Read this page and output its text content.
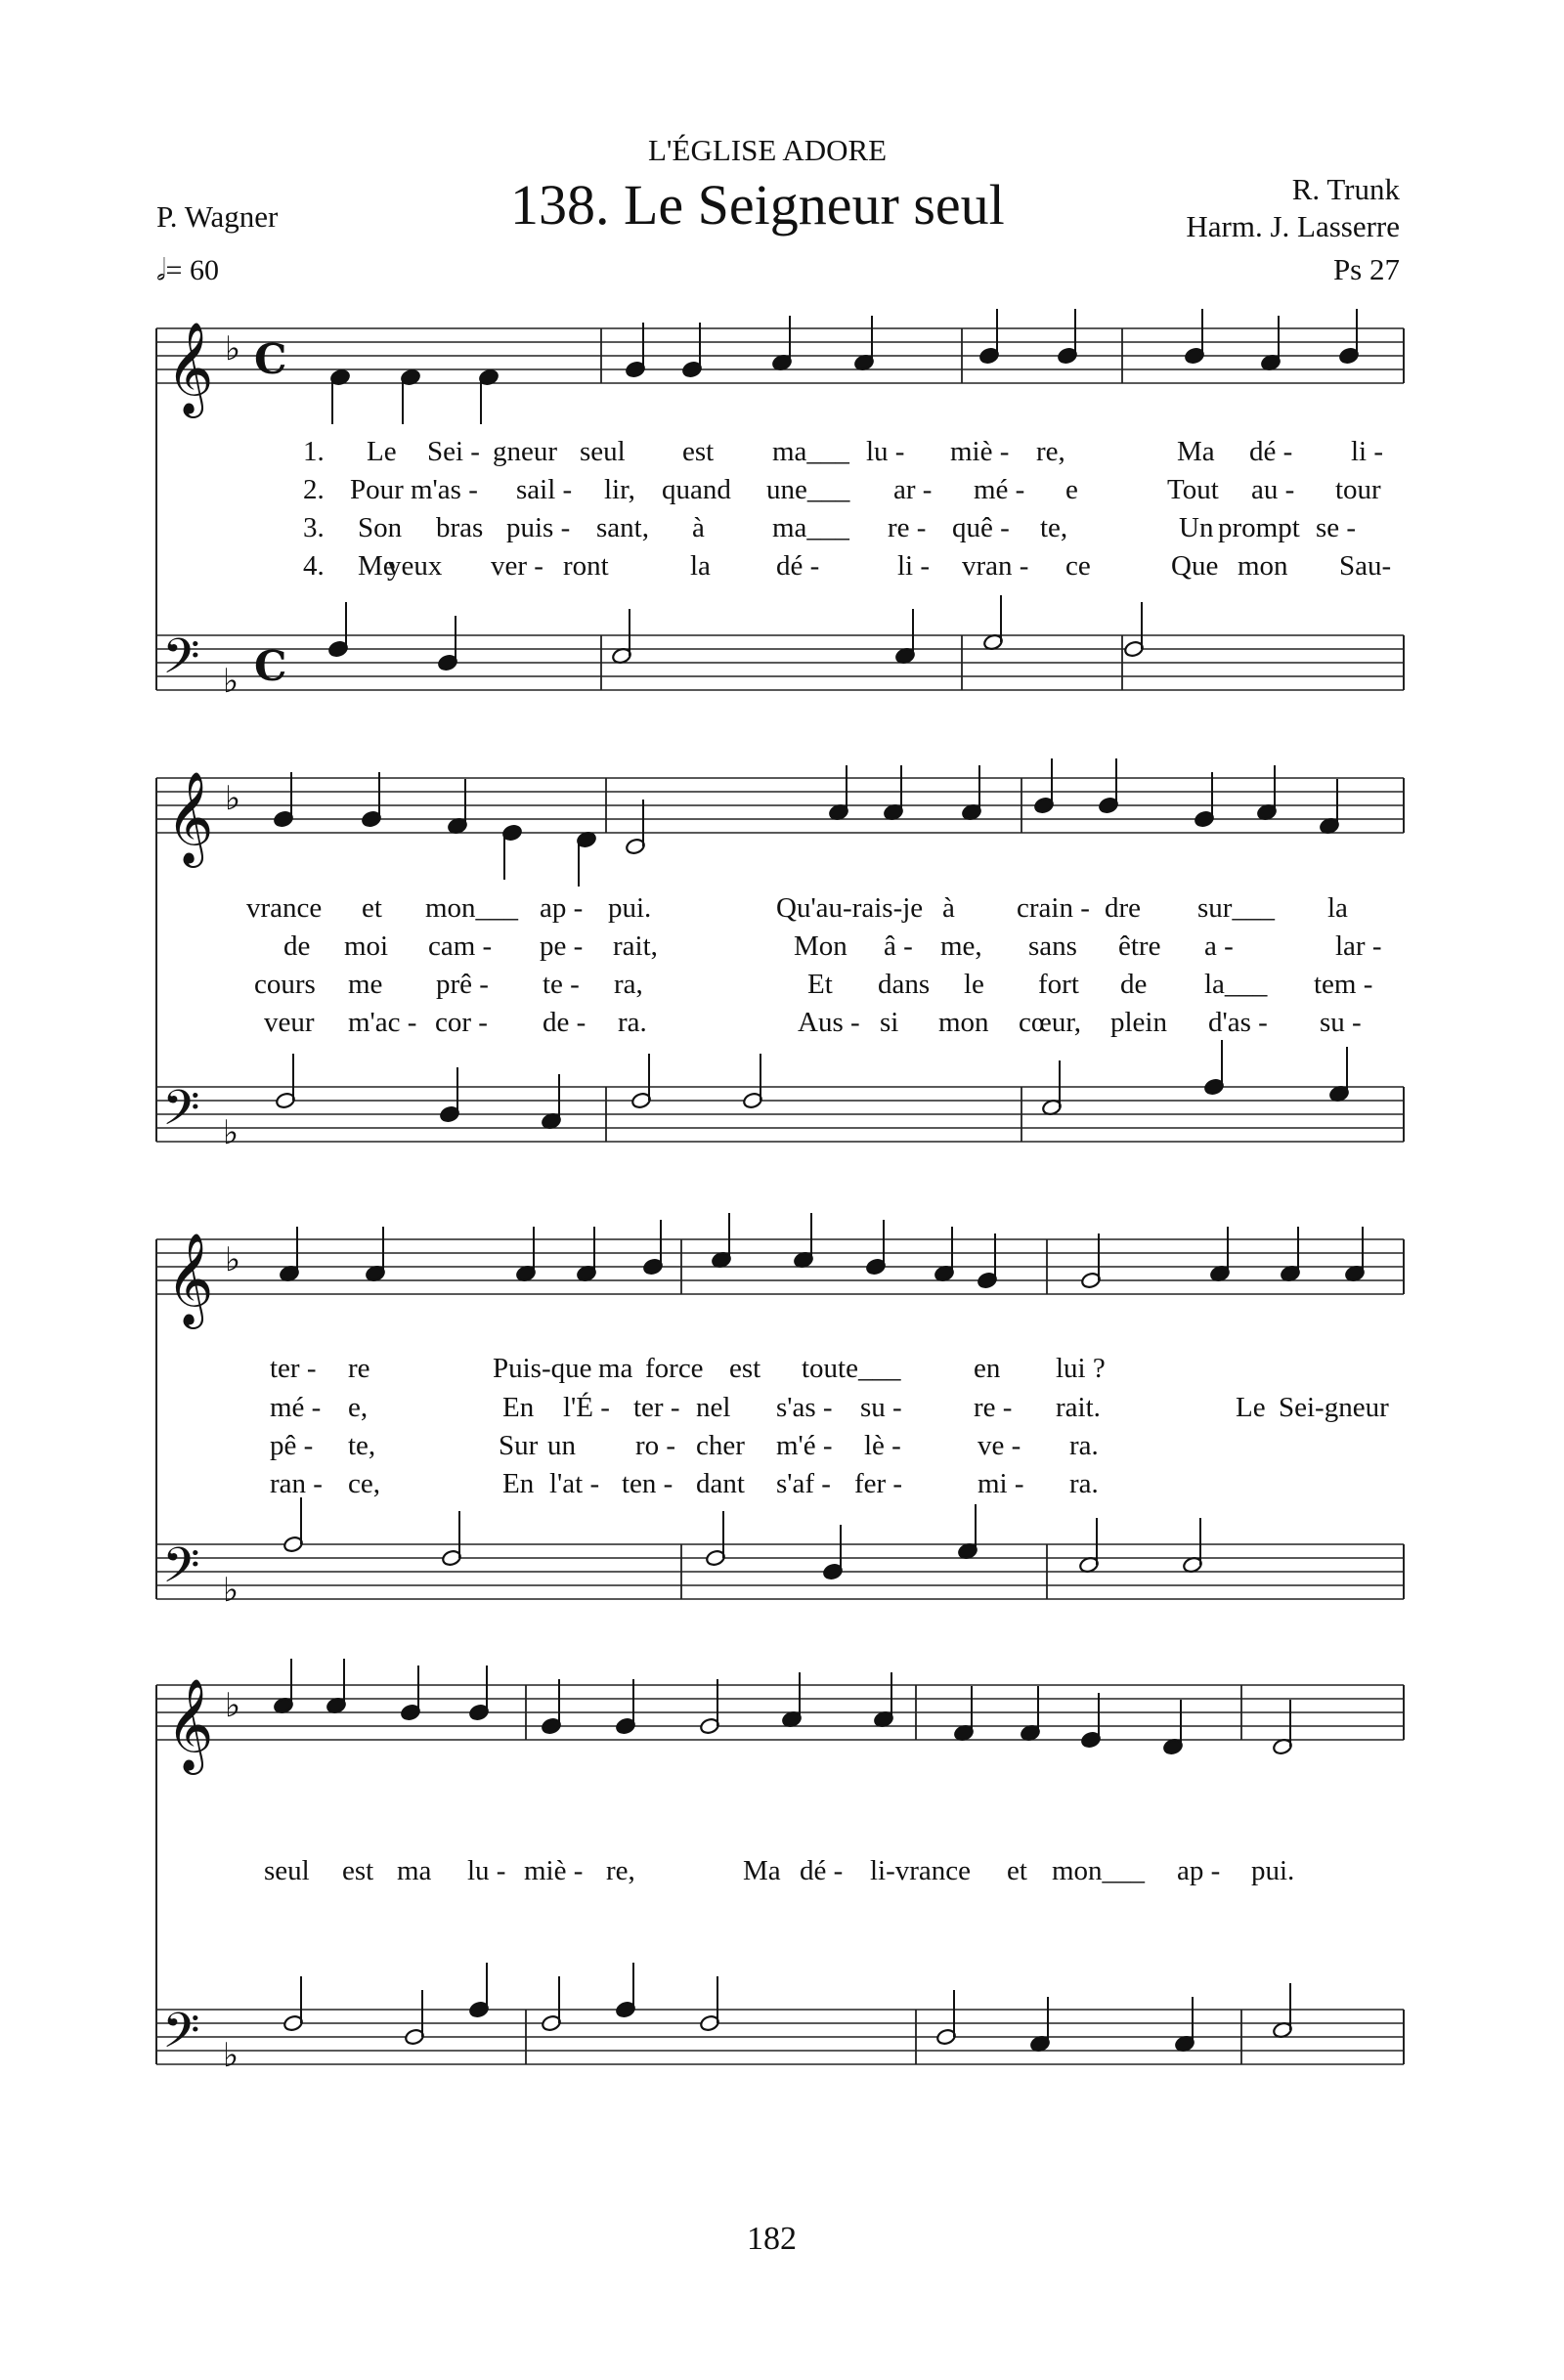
L'ÉGLISE ADORE
138. Le Seigneur seul
P. Wagner
R. Trunk
Harm. J. Lasserre
Ps 27
𝅗𝅥= 60
𝄞 ♭
𝄢 ♭
C
C
𝄞 ♭
𝄢 ♭
𝄞 ♭
𝄢 ♭
𝄞 ♭
𝄢 ♭
1. Le Sei - gneur seul est ma___ lu - miè - re,	Ma dé - li -
2. Pour m'as - sail - lir, quand une___ ar - mé - e	Tout au - tour
3. Son bras puis - sant, à ma___ re - quê - te,	Un prompt se -
4. Me
yeux ver - ront	la dé -	li - vran - ce	Que mon Sau-
vrance et mon___ ap - pui.	Qu'au-rais-je à crain - dre sur___ la
de moi cam - pe - rait,	Mon â - me, sans être a -	lar -
cours me prê - te - ra,	Et dans le fort de la___ tem -
veur m'ac - cor - de - ra.	Aus - si mon cœur, plein d'as - su -
ter - re	Puis-que ma force est toute___	en lui ?
mé - e,	En l'É - ter - nel s'as - su -	re - rait.	Le Sei-gneur
pê - te,	Sur un ro - cher m'é - lè -	ve - ra.
ran - ce,	En l'at - ten - dant s'af - fer -	mi - ra.
seul est ma lu - miè - re,	Ma dé - li-vrance et mon___ ap - pui.
182
